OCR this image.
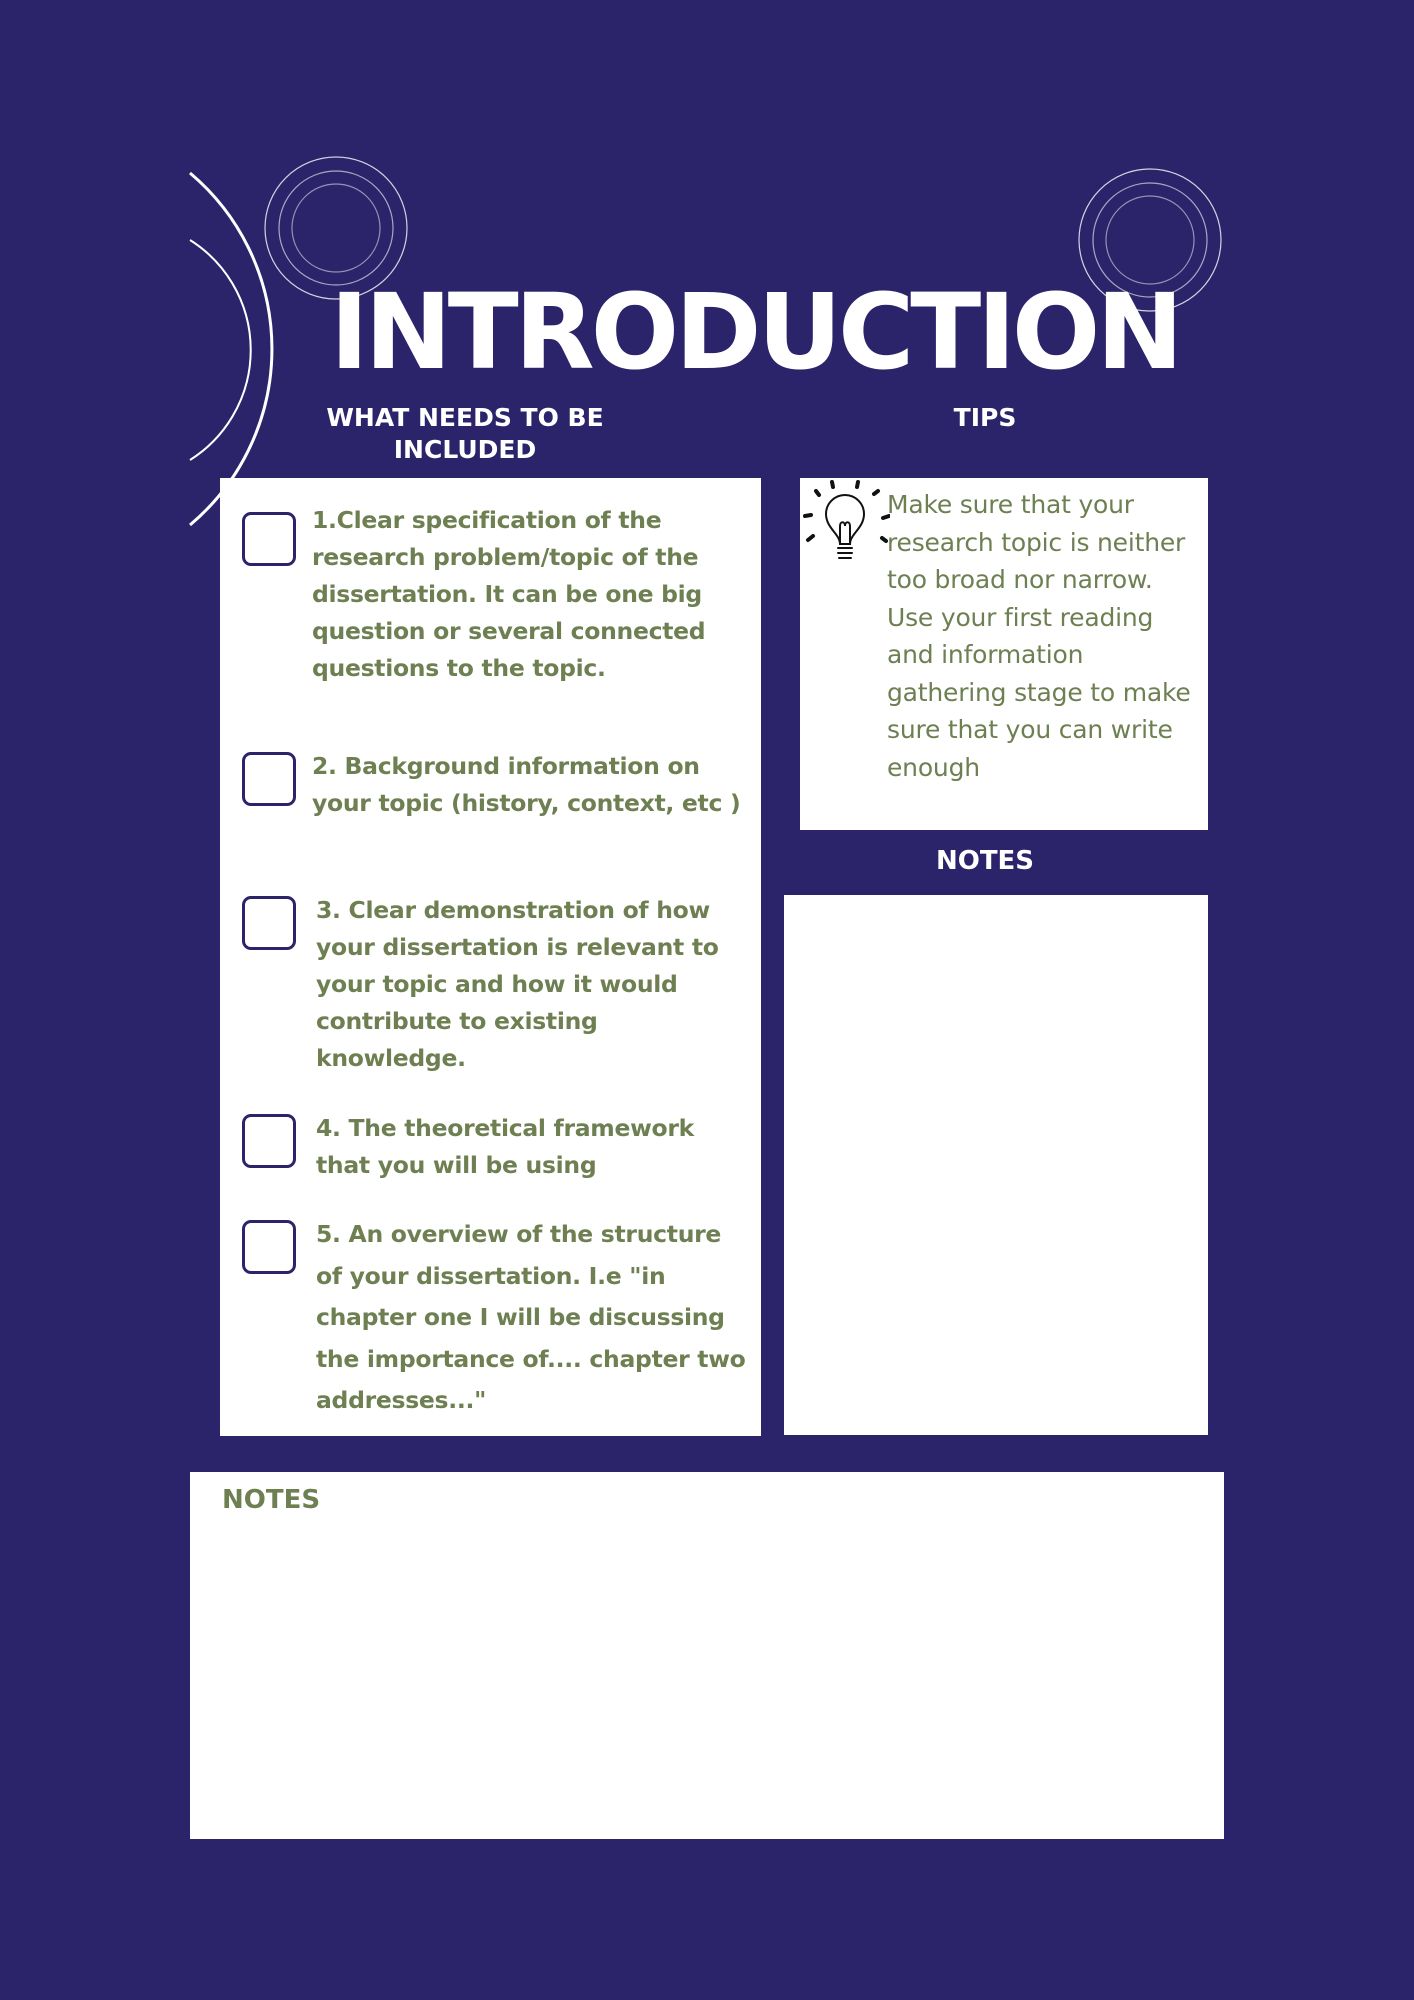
INTRODUCTION
WHAT NEEDS TO BE INCLUDED
TIPS
1.Clear specification of the research problem/topic of the dissertation. It can be one big question or several connected questions to the topic.
2. Background information on your topic (history, context, etc )
3. Clear demonstration of how your dissertation is relevant to your topic and how it would contribute to existing knowledge.
4. The theoretical framework that you will be using
5. An overview of the structure of your dissertation. I.e "in chapter one I will be discussing the importance of.... chapter two addresses..."
Make sure that your research topic is neither too broad nor narrow. Use your first reading and information gathering stage to make sure that you can write enough
NOTES
NOTES
